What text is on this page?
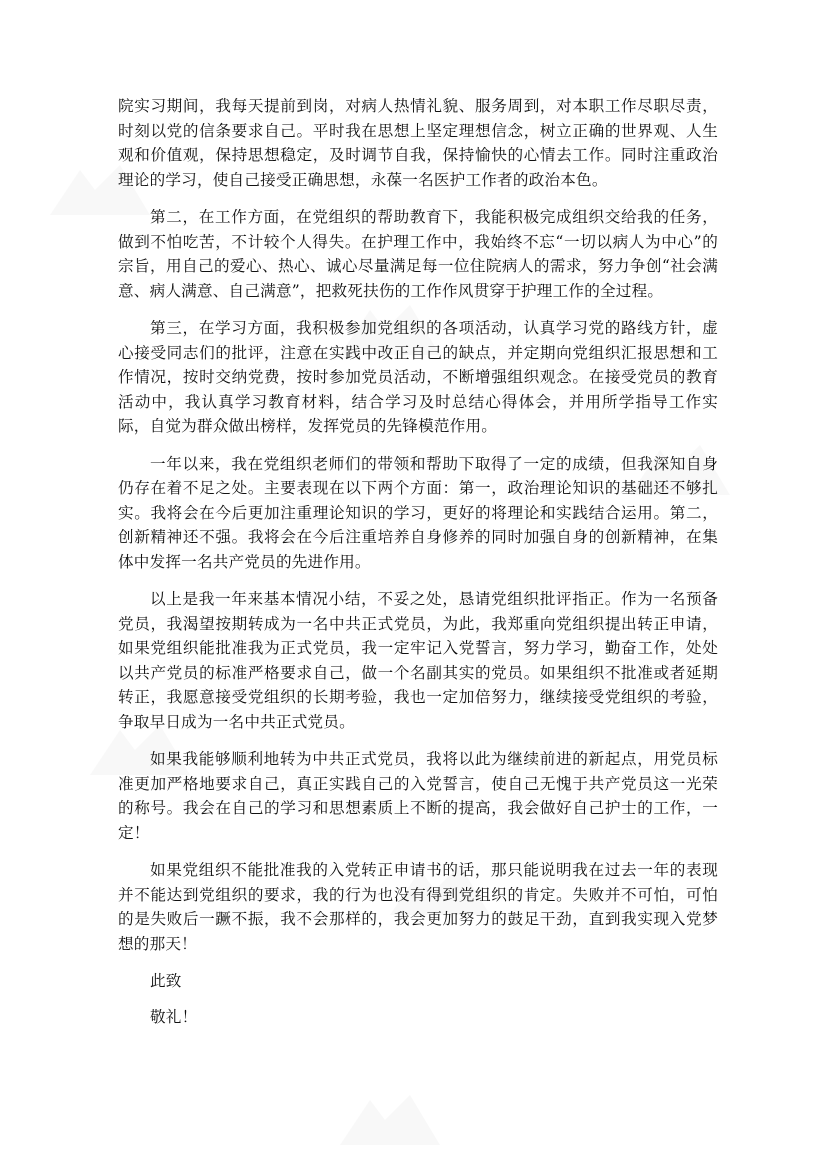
院实习期间，我每天提前到岗，对病人热情礼貌、服务周到，对本职工作尽职尽责，时刻以党的信条要求自己。平时我在思想上坚定理想信念，树立正确的世界观、人生观和价值观，保持思想稳定，及时调节自我，保持愉快的心情去工作。同时注重政治理论的学习，使自己接受正确思想，永葆一名医护工作者的政治本色。

第二，在工作方面，在党组织的帮助教育下，我能积极完成组织交给我的任务，做到不怕吃苦，不计较个人得失。在护理工作中，我始终不忘“一切以病人为中心”的宗旨，用自己的爱心、热心、诚心尽量满足每一位住院病人的需求，努力争创“社会满意、病人满意、自己满意”，把救死扶伤的工作作风贯穿于护理工作的全过程。

第三，在学习方面，我积极参加党组织的各项活动，认真学习党的路线方针，虚心接受同志们的批评，注意在实践中改正自己的缺点，并定期向党组织汇报思想和工作情况，按时交纳党费，按时参加党员活动，不断增强组织观念。在接受党员的教育活动中，我认真学习教育材料，结合学习及时总结心得体会，并用所学指导工作实际，自觉为群众做出榜样，发挥党员的先锋模范作用。

一年以来，我在党组织老师们的带领和帮助下取得了一定的成绩，但我深知自身仍存在着不足之处。主要表现在以下两个方面：第一，政治理论知识的基础还不够扎实。我将会在今后更加注重理论知识的学习，更好的将理论和实践结合运用。第二，创新精神还不强。我将会在今后注重培养自身修养的同时加强自身的创新精神，在集体中发挥一名共产党员的先进作用。

以上是我一年来基本情况小结，不妥之处，恳请党组织批评指正。作为一名预备党员，我渴望按期转成为一名中共正式党员，为此，我郑重向党组织提出转正申请，如果党组织能批准我为正式党员，我一定牢记入党誓言，努力学习，勤奋工作，处处以共产党员的标准严格要求自己，做一个名副其实的党员。如果组织不批准或者延期转正，我愿意接受党组织的长期考验，我也一定加倍努力，继续接受党组织的考验，争取早日成为一名中共正式党员。

如果我能够顺利地转为中共正式党员，我将以此为继续前进的新起点，用党员标准更加严格地要求自己，真正实践自己的入党誓言，使自己无愧于共产党员这一光荣的称号。我会在自己的学习和思想素质上不断的提高，我会做好自己护士的工作，一定！

如果党组织不能批准我的入党转正申请书的话，那只能说明我在过去一年的表现并不能达到党组织的要求，我的行为也没有得到党组织的肯定。失败并不可怕，可怕的是失败后一蹶不振，我不会那样的，我会更加努力的鼓足干劲，直到我实现入党梦想的那天！

此致

敬礼！
